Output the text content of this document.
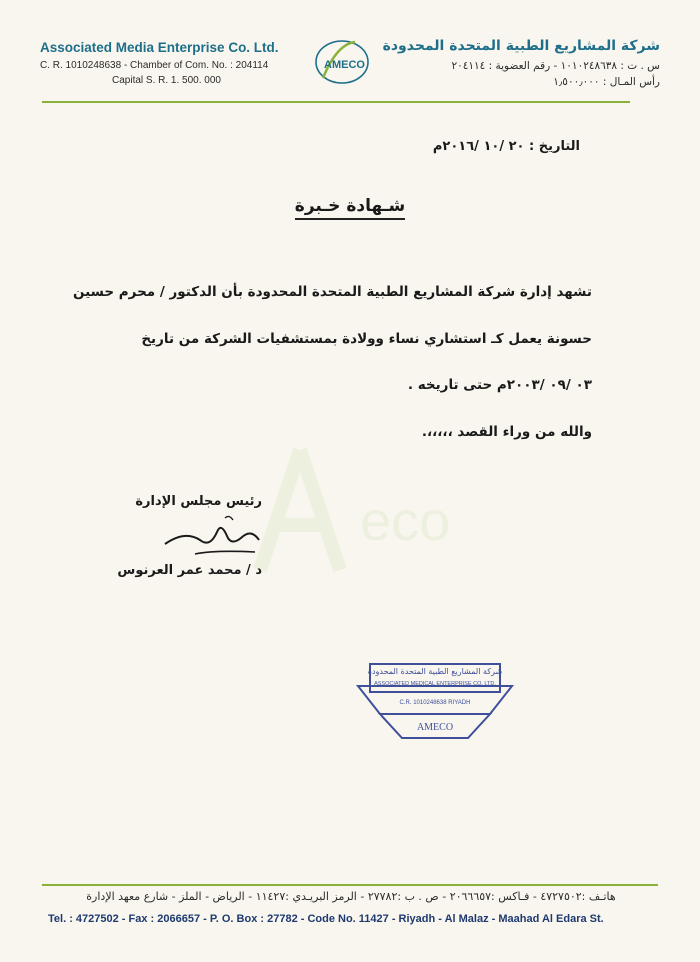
eco
Associated Media Enterprise Co. Ltd.
C. R. 1010248638 - Chamber of Com. No. : 204114
Capital S. R. 1. 500. 000
AMECO
شركة المشاريع الطبية المتحدة المحدودة
س . ت : ١٠١٠٢٤٨٦٣٨ - رقم العضوية : ٢٠٤١١٤
رأس المـال : ١٫٥٠٠٫٠٠٠
التاريخ : ٢٠ /١٠ /٢٠١٦م
شـهادة خـبرة
تشهد إدارة شركة المشاريع الطبية المتحدة المحدودة بأن الدكتور / محرم حسين
حسونة يعمل كـ استشاري نساء وولادة بمستشفيات الشركة من تاريخ
٠٣ /٠٩ /٢٠٠٣م حتى تاريخه .
والله من وراء القصد ،،،،،.
رئيس مجلس الإدارة
د / محمد عمر العرنوس
شركة المشاريع الطبية المتحدة المحدودة
ASSOCIATED MEDICAL ENTERPRISE CO. LTD.
C.R. 1010248638 RIYADH
AMECO
هاتـف :٤٧٢٧٥٠٢ - فـاكس :٢٠٦٦٦٥٧ - ص . ب :٢٧٧٨٢ - الرمز البريـدي :١١٤٢٧ - الرياض - الملز - شارع معهد الإدارة
Tel. : 4727502 - Fax : 2066657 - P. O. Box : 27782 - Code No. 11427 - Riyadh - Al Malaz - Maahad Al Edara St.
